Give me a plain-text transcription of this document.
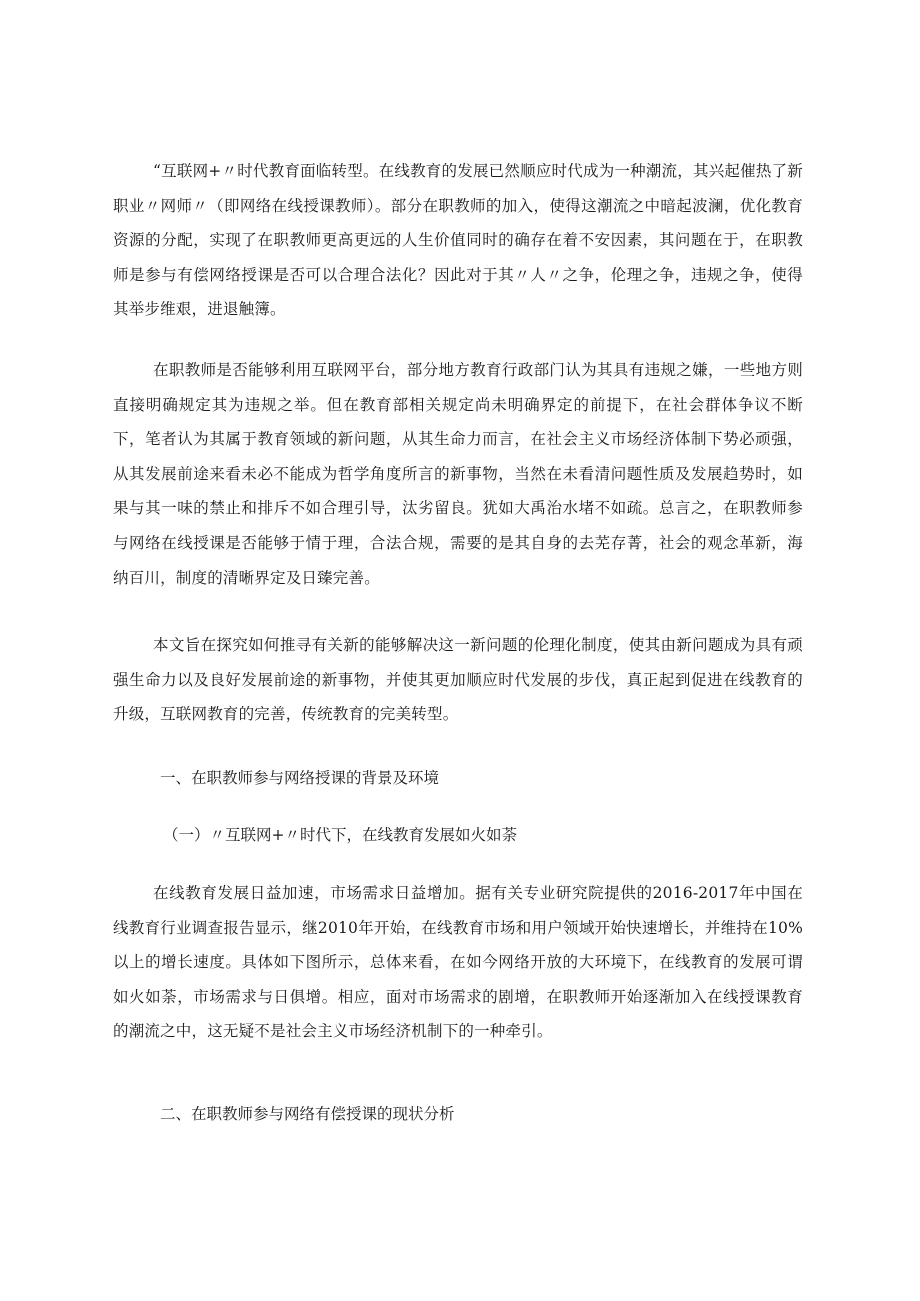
“互联网+〃时代教育面临转型。在线教育的发展已然顺应时代成为一种潮流，其兴起催热了新职业〃网师〃（即网络在线授课教师）。部分在职教师的加入，使得这潮流之中暗起波澜，优化教育资源的分配，实现了在职教师更高更远的人生价值同时的确存在着不安因素，其问题在于，在职教师是参与有偿网络授课是否可以合理合法化？因此对于其〃人〃之争，伦理之争，违规之争，使得其举步维艰，进退触簿。

在职教师是否能够利用互联网平台，部分地方教育行政部门认为其具有违规之嫌，一些地方则直接明确规定其为违规之举。但在教育部相关规定尚未明确界定的前提下，在社会群体争议不断下，笔者认为其属于教育领域的新问题，从其生命力而言，在社会主义市场经济体制下势必顽强，从其发展前途来看未必不能成为哲学角度所言的新事物，当然在未看清问题性质及发展趋势时，如果与其一味的禁止和排斥不如合理引导，汰劣留良。犹如大禹治水堵不如疏。总言之，在职教师参与网络在线授课是否能够于情于理，合法合规，需要的是其自身的去芜存菁，社会的观念革新，海纳百川，制度的清晰界定及日臻完善。

本文旨在探究如何推寻有关新的能够解决这一新问题的伦理化制度，使其由新问题成为具有顽强生命力以及良好发展前途的新事物，并使其更加顺应时代发展的步伐，真正起到促进在线教育的升级，互联网教育的完善，传统教育的完美转型。

一、在职教师参与网络授课的背景及环境

（一）〃互联网+〃时代下，在线教育发展如火如荼

在线教育发展日益加速，市场需求日益增加。据有关专业研究院提供的2016-2017年中国在线教育行业调查报告显示，继2010年开始，在线教育市场和用户领域开始快速增长，并维持在10%以上的增长速度。具体如下图所示，总体来看，在如今网络开放的大环境下，在线教育的发展可谓如火如荼，市场需求与日俱增。相应，面对市场需求的剧增，在职教师开始逐渐加入在线授课教育的潮流之中，这无疑不是社会主义市场经济机制下的一种牵引。

二、在职教师参与网络有偿授课的现状分析
